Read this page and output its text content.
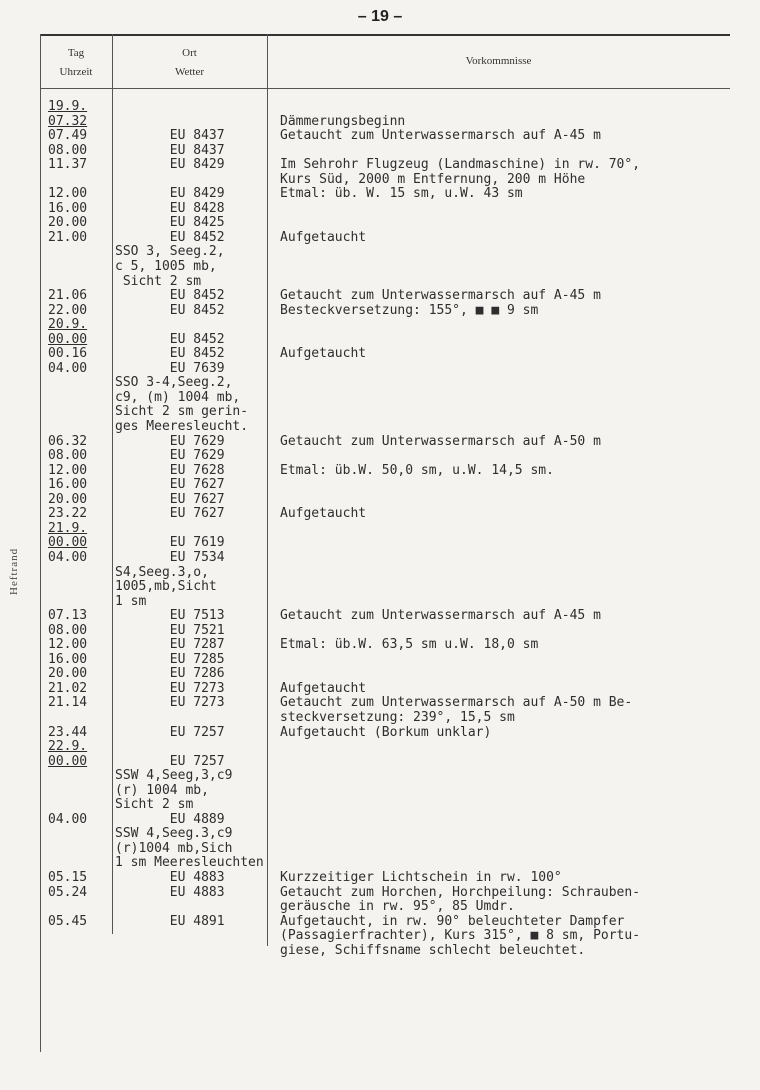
– 19 –
Heftrand
Tag
Uhrzeit
Ort
Wetter
Vorkommnisse
19.9.
07.32	Dämmerungsbeginn
07.49 EU 8437	Getaucht zum Unterwassermarsch auf A-45 m
08.00 EU 8437
11.37 EU 8429	Im Sehrohr Flugzeug (Landmaschine) in rw. 70°,
Kurs Süd, 2000 m Entfernung, 200 m Höhe
12.00 EU 8429	Etmal: üb. W. 15 sm, u.W. 43 sm
16.00 EU 8428
20.00 EU 8425
21.00 EU 8452	Aufgetaucht
SSO 3, Seeg.2,
c 5, 1005 mb,
Sicht 2 sm
21.06 EU 8452	Getaucht zum Unterwassermarsch auf A-45 m
22.00 EU 8452	Besteckversetzung: 155°, ■ ■ 9 sm
20.9.
00.00 EU 8452
00.16 EU 8452	Aufgetaucht
04.00 EU 7639
SSO 3-4,Seeg.2,
c9, (m) 1004 mb,
Sicht 2 sm gerin-
ges Meeresleucht.
06.32 EU 7629	Getaucht zum Unterwassermarsch auf A-50 m
08.00 EU 7629
12.00 EU 7628	Etmal: üb.W. 50,0 sm, u.W. 14,5 sm.
16.00 EU 7627
20.00 EU 7627
23.22 EU 7627	Aufgetaucht
21.9.
00.00 EU 7619
04.00 EU 7534
S4,Seeg.3,o,
1005,mb,Sicht
1 sm
07.13 EU 7513	Getaucht zum Unterwassermarsch auf A-45 m
08.00 EU 7521
12.00 EU 7287	Etmal: üb.W. 63,5 sm u.W. 18,0 sm
16.00 EU 7285
20.00 EU 7286
21.02 EU 7273	Aufgetaucht
21.14 EU 7273	Getaucht zum Unterwassermarsch auf A-50 m Be-
steckversetzung: 239°, 15,5 sm
23.44 EU 7257	Aufgetaucht (Borkum unklar)
22.9.
00.00 EU 7257
SSW 4,Seeg,3,c9
(r) 1004 mb,
Sicht 2 sm
04.00 EU 4889
SSW 4,Seeg.3,c9
(r)1004 mb,Sich
1 sm Meeresleuchten
05.15 EU 4883	Kurzzeitiger Lichtschein in rw. 100°
05.24 EU 4883	Getaucht zum Horchen, Horchpeilung: Schrauben-
geräusche in rw. 95°, 85 Umdr.
05.45 EU 4891	Aufgetaucht, in rw. 90° beleuchteter Dampfer
(Passagierfrachter), Kurs 315°, ■ 8 sm, Portu-
giese, Schiffsname schlecht beleuchtet.
